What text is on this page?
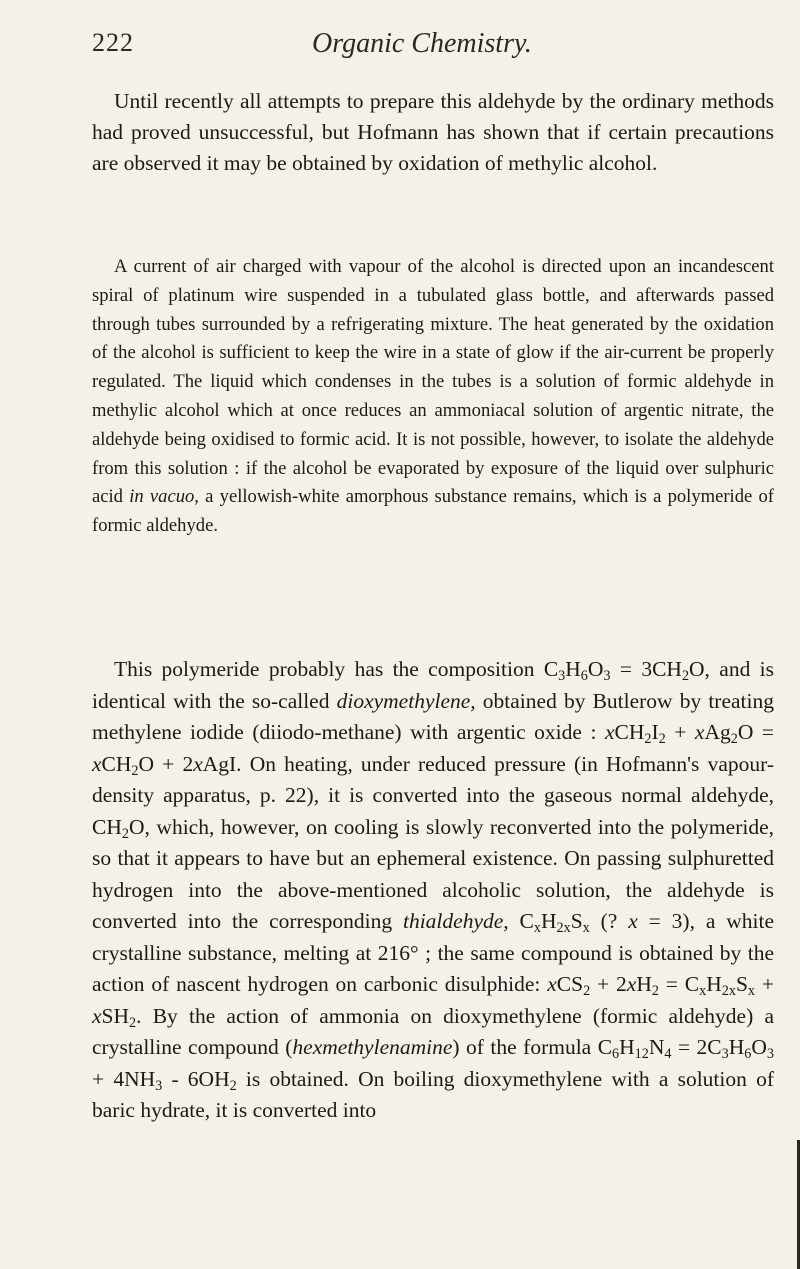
222	Organic Chemistry.

Until recently all attempts to prepare this aldehyde by the ordinary methods had proved unsuccessful, but Hofmann has shown that if certain precautions are observed it may be obtained by oxidation of methylic alcohol.

A current of air charged with vapour of the alcohol is directed upon an incandescent spiral of platinum wire suspended in a tubulated glass bottle, and afterwards passed through tubes surrounded by a refrigerating mixture. The heat generated by the oxidation of the alcohol is sufficient to keep the wire in a state of glow if the air-current be properly regulated. The liquid which condenses in the tubes is a solution of formic aldehyde in methylic alcohol which at once reduces an ammoniacal solution of argentic nitrate, the aldehyde being oxidised to formic acid. It is not possible, however, to isolate the aldehyde from this solution : if the alcohol be evaporated by exposure of the liquid over sulphuric acid in vacuo, a yellowish-white amorphous substance remains, which is a polymeride of formic aldehyde.

This polymeride probably has the composition $C_3H_6O_3 = 3CH_2O$, and is identical with the so-called dioxymethylene, obtained by Butlerow by treating methylene iodide (diiodo-methane) with argentic oxide : $xCH_2I_2 + xAg_2O = xCH_2O$ + 2xAgI. On heating, under reduced pressure (in Hofmann's vapour-density apparatus, p. 22), it is converted into the gaseous normal aldehyde, $CH_2O$, which, however, on cooling is slowly reconverted into the polymeride, so that it appears to have but an ephemeral existence. On passing sulphuretted hydrogen into the above-mentioned alcoholic solution, the aldehyde is converted into the corresponding thialdehyde, $C_xH_{2x}S_x$ (? x = 3), a white crystalline substance, melting at 216° ; the same compound is obtained by the action of nascent hydrogen on carbonic disulphide: $xCS_2 + 2xH_2 = C_xH_{2x}S_x + xSH_2$. By the action of ammonia on dioxymethylene (formic aldehyde) a crystalline compound (hexmethylenamine) of the formula $C_6H_{12}N_4 = 2C_3H_6O_3 + 4NH_3 - 6OH_2$ is obtained. On boiling dioxymethylene with a solution of baric hydrate, it is converted into
